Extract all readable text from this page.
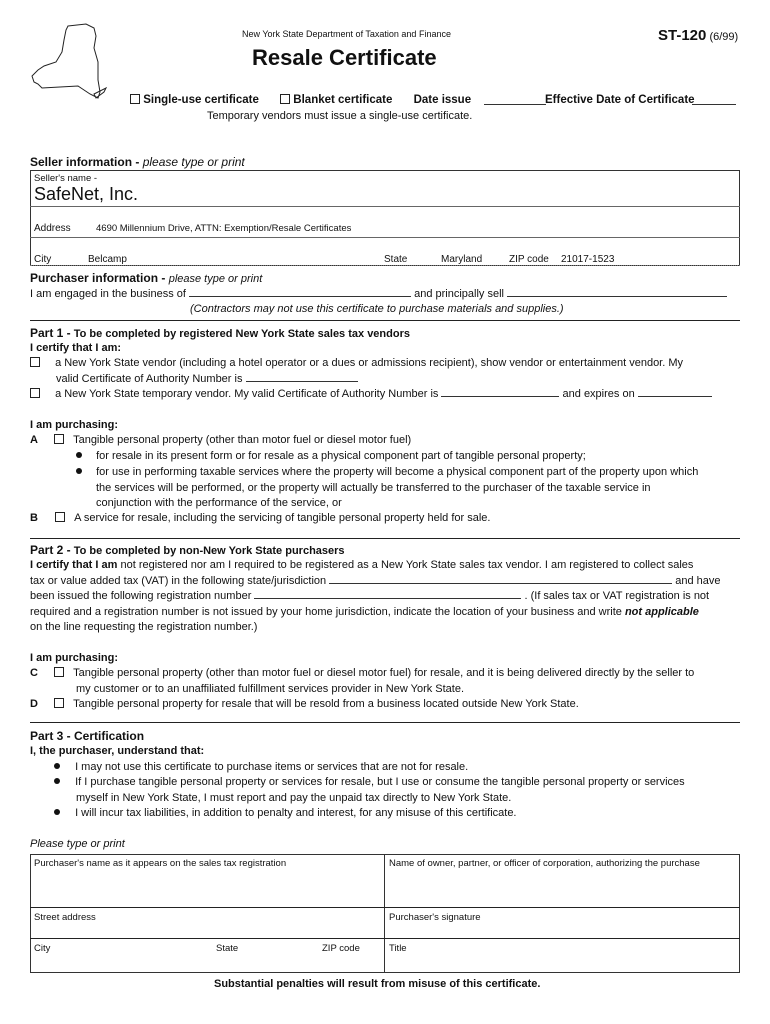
New York State Department of Taxation and Finance	ST-120 (6/99)
Resale Certificate
Single-use certificate	Blanket certificate Date issue	Effective Date of Certificate
Temporary vendors must issue a single-use certificate.
Seller information - please type or print
Seller's name -
SafeNet, Inc.
Address	4690 Millennium Drive, ATTN: Exemption/Resale Certificates
City	Belcamp	State	Maryland	ZIP code 21017-1523
Purchaser information - please type or print
I am engaged in the business of	and principally sell
(Contractors may not use this certificate to purchase materials and supplies.)
Part 1 - To be completed by registered New York State sales tax vendors
I certify that I am:
a New York State vendor (including a hotel operator or a dues or admissions recipient), show vendor or entertainment vendor. My
valid Certificate of Authority Number is
a New York State temporary vendor. My valid Certificate of Authority Number is	and expires on
I am purchasing:
A	Tangible personal property (other than motor fuel or diesel motor fuel)
for resale in its present form or for resale as a physical component part of tangible personal property;
for use in performing taxable services where the property will become a physical component part of the property upon which
the services will be performed, or the property will actually be transferred to the purchaser of the taxable service in
conjunction with the performance of the service, or
B	A service for resale, including the servicing of tangible personal property held for sale.
Part 2 - To be completed by non-New York State purchasers
I certify that I am not registered nor am I required to be registered as a New York State sales tax vendor. I am registered to collect sales
tax or value added tax (VAT) in the following state/jurisdiction	and have
been issued the following registration number	. (If sales tax or VAT registration is not
required and a registration number is not issued by your home jurisdiction, indicate the location of your business and write not applicable
on the line requesting the registration number.)
I am purchasing:
C	Tangible personal property (other than motor fuel or diesel motor fuel) for resale, and it is being delivered directly by the seller to
my customer or to an unaffiliated fulfillment services provider in New York State.
D	Tangible personal property for resale that will be resold from a business located outside New York State.
Part 3 - Certification
I, the purchaser, understand that:
I may not use this certificate to purchase items or services that are not for resale.
If I purchase tangible personal property or services for resale, but I use or consume the tangible personal property or services
myself in New York State, I must report and pay the unpaid tax directly to New York State.
I will incur tax liabilities, in addition to penalty and interest, for any misuse of this certificate.
Please type or print
Purchaser's name as it appears on the sales tax registration	Name of owner, partner, or officer of corporation, authorizing the purchase
Street address	Purchaser's signature
City	State	ZIP code	Title
Substantial penalties will result from misuse of this certificate.
